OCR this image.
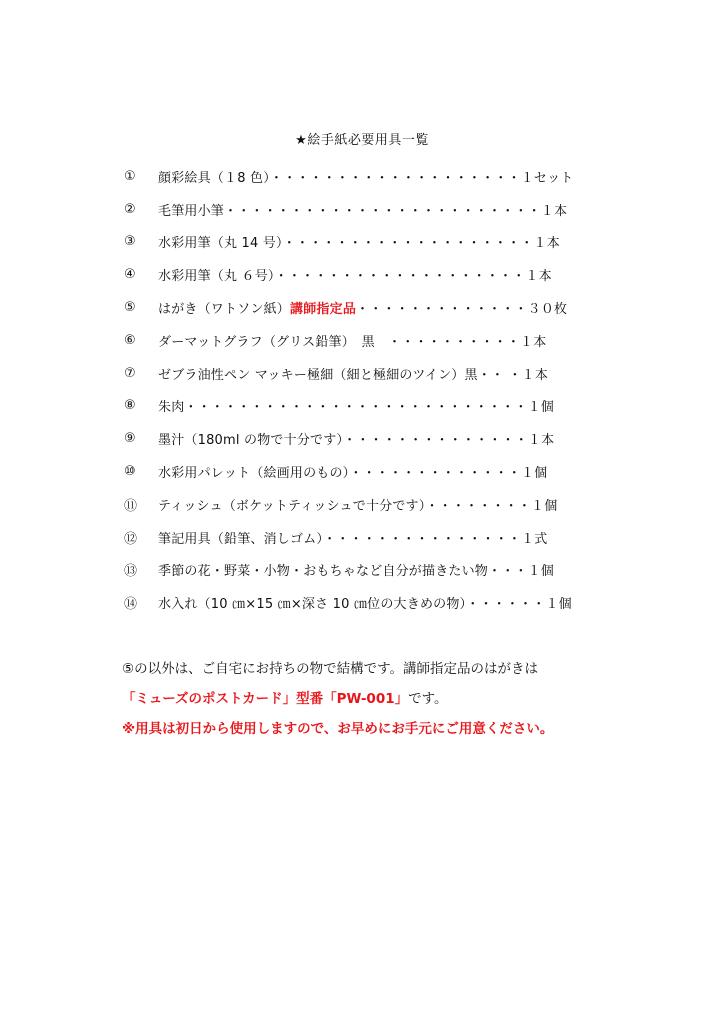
★絵手紙必要用具一覧
①	顔彩絵具（１8 色）・・・・・・・・・・・・・・・・・・・１セット
②	毛筆用小筆・・・・・・・・・・・・・・・・・・・・・・・・１本
③	水彩用筆（丸 14 号）・・・・・・・・・・・・・・・・・・・１本
④	水彩用筆（丸 ６号）・・・・・・・・・・・・・・・・・・・１本
⑤	はがき（ワトソン紙）講師指定品・・・・・・・・・・・・・３０枚
⑥	ダーマットグラフ（グリス鉛筆）　黒　・・・・・・・・・・１本
⑦	ゼブラ油性ペン マッキー極細（細と極細のツイン）黒・・ ・１本
⑧	朱肉・・・・・・・・・・・・・・・・・・・・・・・・・・１個
⑨	墨汁（180ml の物で十分です）・・・・・・・・・・・・・・１本
⑩	水彩用パレット（絵画用のもの）・・・・・・・・・・・・・１個
⑪	ティッシュ（ボケットティッシュで十分です）・・・・・・・・１個
⑫	筆記用具（鉛筆、消しゴム）・・・・・・・・・・・・・・・１式
⑬	季節の花・野菜・小物・おもちゃなど自分が描きたい物・・・１個
⑭	水入れ（10 ㎝×15 ㎝×深さ 10 ㎝位の大きめの物）・・・・・・１個
⑤の以外は、ご自宅にお持ちの物で結構です。講師指定品のはがきは
「ミューズのポストカード」型番「PW-001」 です。
※用具は初日から使用しますので、お早めにお手元にご用意ください。
